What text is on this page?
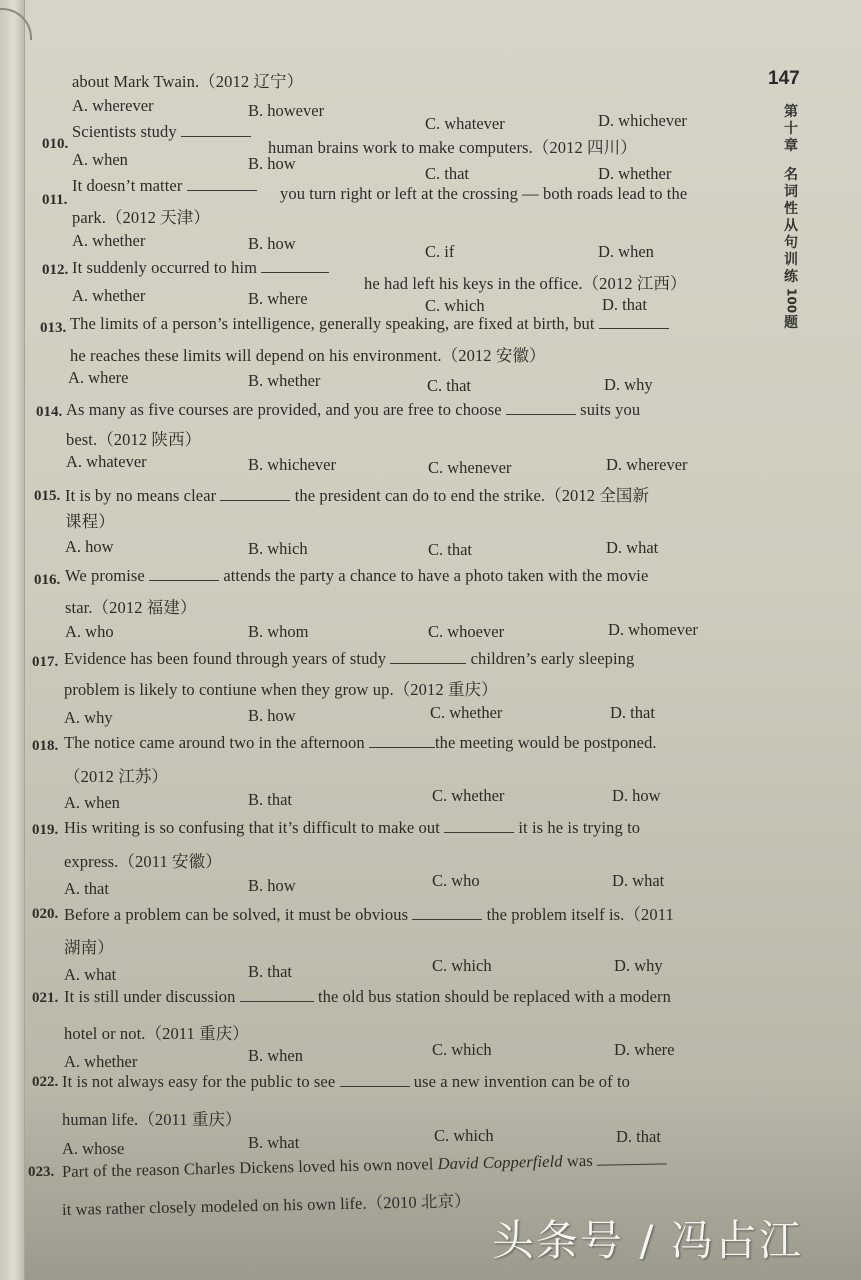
147
第
十
章
名
词
性
从
句
训
练
100
题
about Mark Twain.（2012 辽宁）
A. wherever	B. however
C. whatever	D. whichever
010.
Scientists study
human brains work to make computers.（2012 四川）
A. when	B. how
C. that	D. whether
011.
It doesn’t matter	you turn right or left at the crossing — both roads lead to the
park.（2012 天津）
A. whether	B. how	C. if	D. when
012. It suddenly occurred to him
he had left his keys in the office.（2012 江西）
A. whether	B. where	C. which	D. that
013. The limits of a person’s intelligence, generally speaking, are fixed at birth, but
he reaches these limits will depend on his environment.（2012 安徽）
A. where	B. whether	C. that	D. why
014. As many as five courses are provided, and you are free to choose	suits you
best.（2012 陕西）
A. whatever	B. whichever	C. whenever	D. wherever
015. It is by no means clear	the president can do to end the strike.（2012 全国新
课程）
A. how	B. which	C. that	D. what
016. We promise	attends the party a chance to have a photo taken with the movie
star.（2012 福建）
A. who	B. whom	C. whoever	D. whomever
017. Evidence has been found through years of study	children’s early sleeping
problem is likely to contiune when they grow up.（2012 重庆）
A. why	B. how	C. whether	D. that
018. The notice came around two in the afternoon	the meeting would be postponed.
（2012 江苏）
A. when	B. that	C. whether	D. how
019. His writing is so confusing that it’s difficult to make out	it is he is trying to
express.（2011 安徽）
A. that	B. how	C. who	D. what
020. Before a problem can be solved, it must be obvious	the problem itself is.（2011
湖南）
A. what	B. that	C. which	D. why
021. It is still under discussion	the old bus station should be replaced with a modern
hotel or not.（2011 重庆）
A. whether	B. when	C. which	D. where
022. It is not always easy for the public to see	use a new invention can be of to
human life.（2011 重庆）
A. whose	B. what	C. which	D. that
023. Part of the reason Charles Dickens loved his own novel David Copperfield was
it was rather closely modeled on his own life.（2010 北京）
头条号 / 冯占江
